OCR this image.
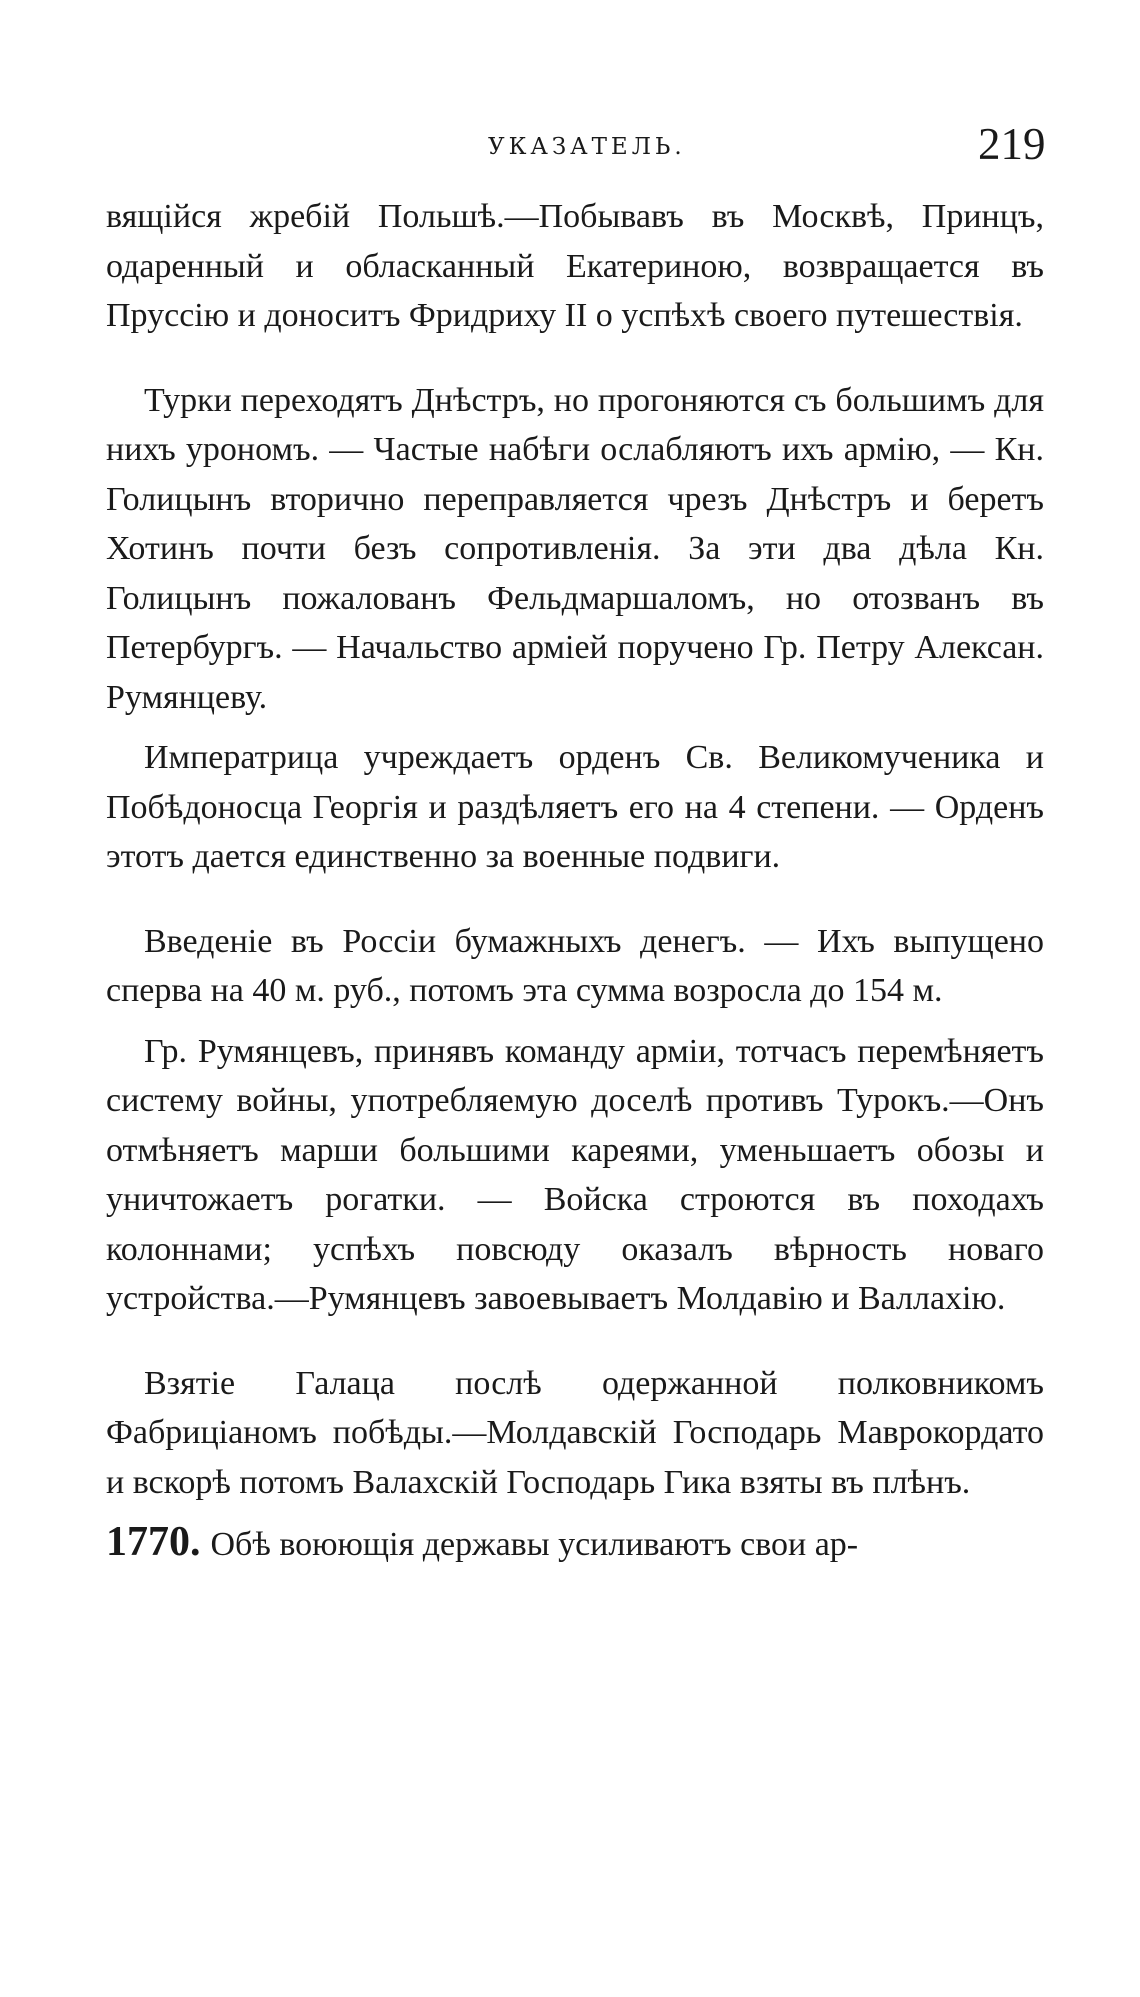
УКАЗАТЕЛЬ.	219

вящійся жребій Польшѣ.—Побывавъ въ Москвѣ, Принцъ, одаренный и обласканный Екатериною, возвращается въ Пруссію и доноситъ Фридриху II о успѣхѣ своего путешествія.

Турки переходятъ Днѣстръ, но прогоняются съ большимъ для нихъ урономъ. — Частые набѣги ослабляютъ ихъ армію, — Кн. Голицынъ вторично переправляется чрезъ Днѣстръ и беретъ Хотинъ почти безъ сопротивленія. За эти два дѣла Кн. Голицынъ пожалованъ Фельдмаршаломъ, но отозванъ въ Петербургъ. — Начальство арміей поручено Гр. Петру Алексан. Румянцеву.

Императрица учреждаетъ орденъ Св. Великомученика и Побѣдоносца Георгія и раздѣляетъ его на 4 степени. — Орденъ этотъ дается единственно за военные подвиги.

Введеніе въ Россіи бумажныхъ денегъ. — Ихъ выпущено сперва на 40 м. руб., потомъ эта сумма возросла до 154 м.

Гр. Румянцевъ, принявъ команду арміи, тотчасъ перемѣняетъ систему войны, употребляемую доселѣ противъ Турокъ.—Онъ отмѣняетъ марши большими кареями, уменьшаетъ обозы и уничтожаетъ рогатки. — Войска строются въ походахъ колоннами; успѣхъ повсюду оказалъ вѣрность новаго устройства.—Румянцевъ завоевываетъ Молдавію и Валлахію.

Взятіе Галаца послѣ одержанной полковникомъ Фабриціаномъ побѣды.—Молдавскій Господарь Маврокордато и вскорѣ потомъ Валахскій Господарь Гика взяты въ плѣнъ.

1770. Обѣ воюющія державы усиливаютъ свои ар-
